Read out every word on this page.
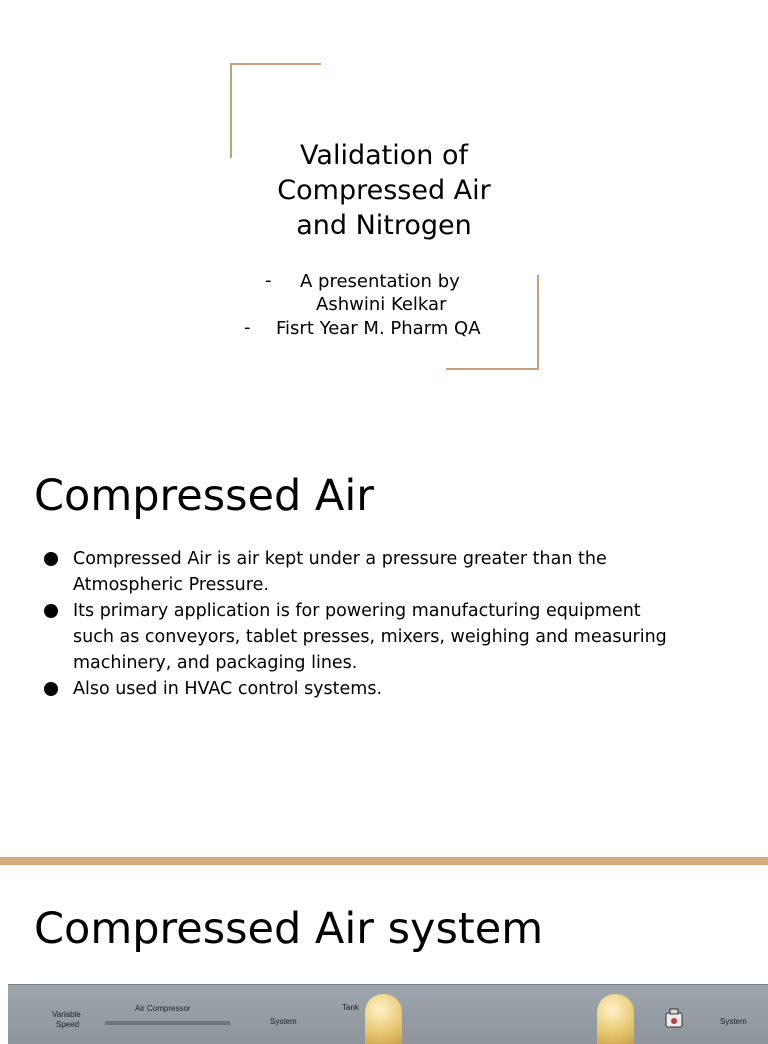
Validation of
Compressed Air
and Nitrogen
- A presentation by
Ashwini Kelkar
- Fisrt Year M. Pharm QA
Compressed Air
Compressed Air is air kept under a pressure greater than the
Atmospheric Pressure.
Its primary application is for powering manufacturing equipment
such as conveyors, tablet presses, mixers, weighing and measuring
machinery, and packaging lines.
Also used in HVAC control systems.
Compressed Air system
Variable
Speed
Air Compressor
System
Tank
System
